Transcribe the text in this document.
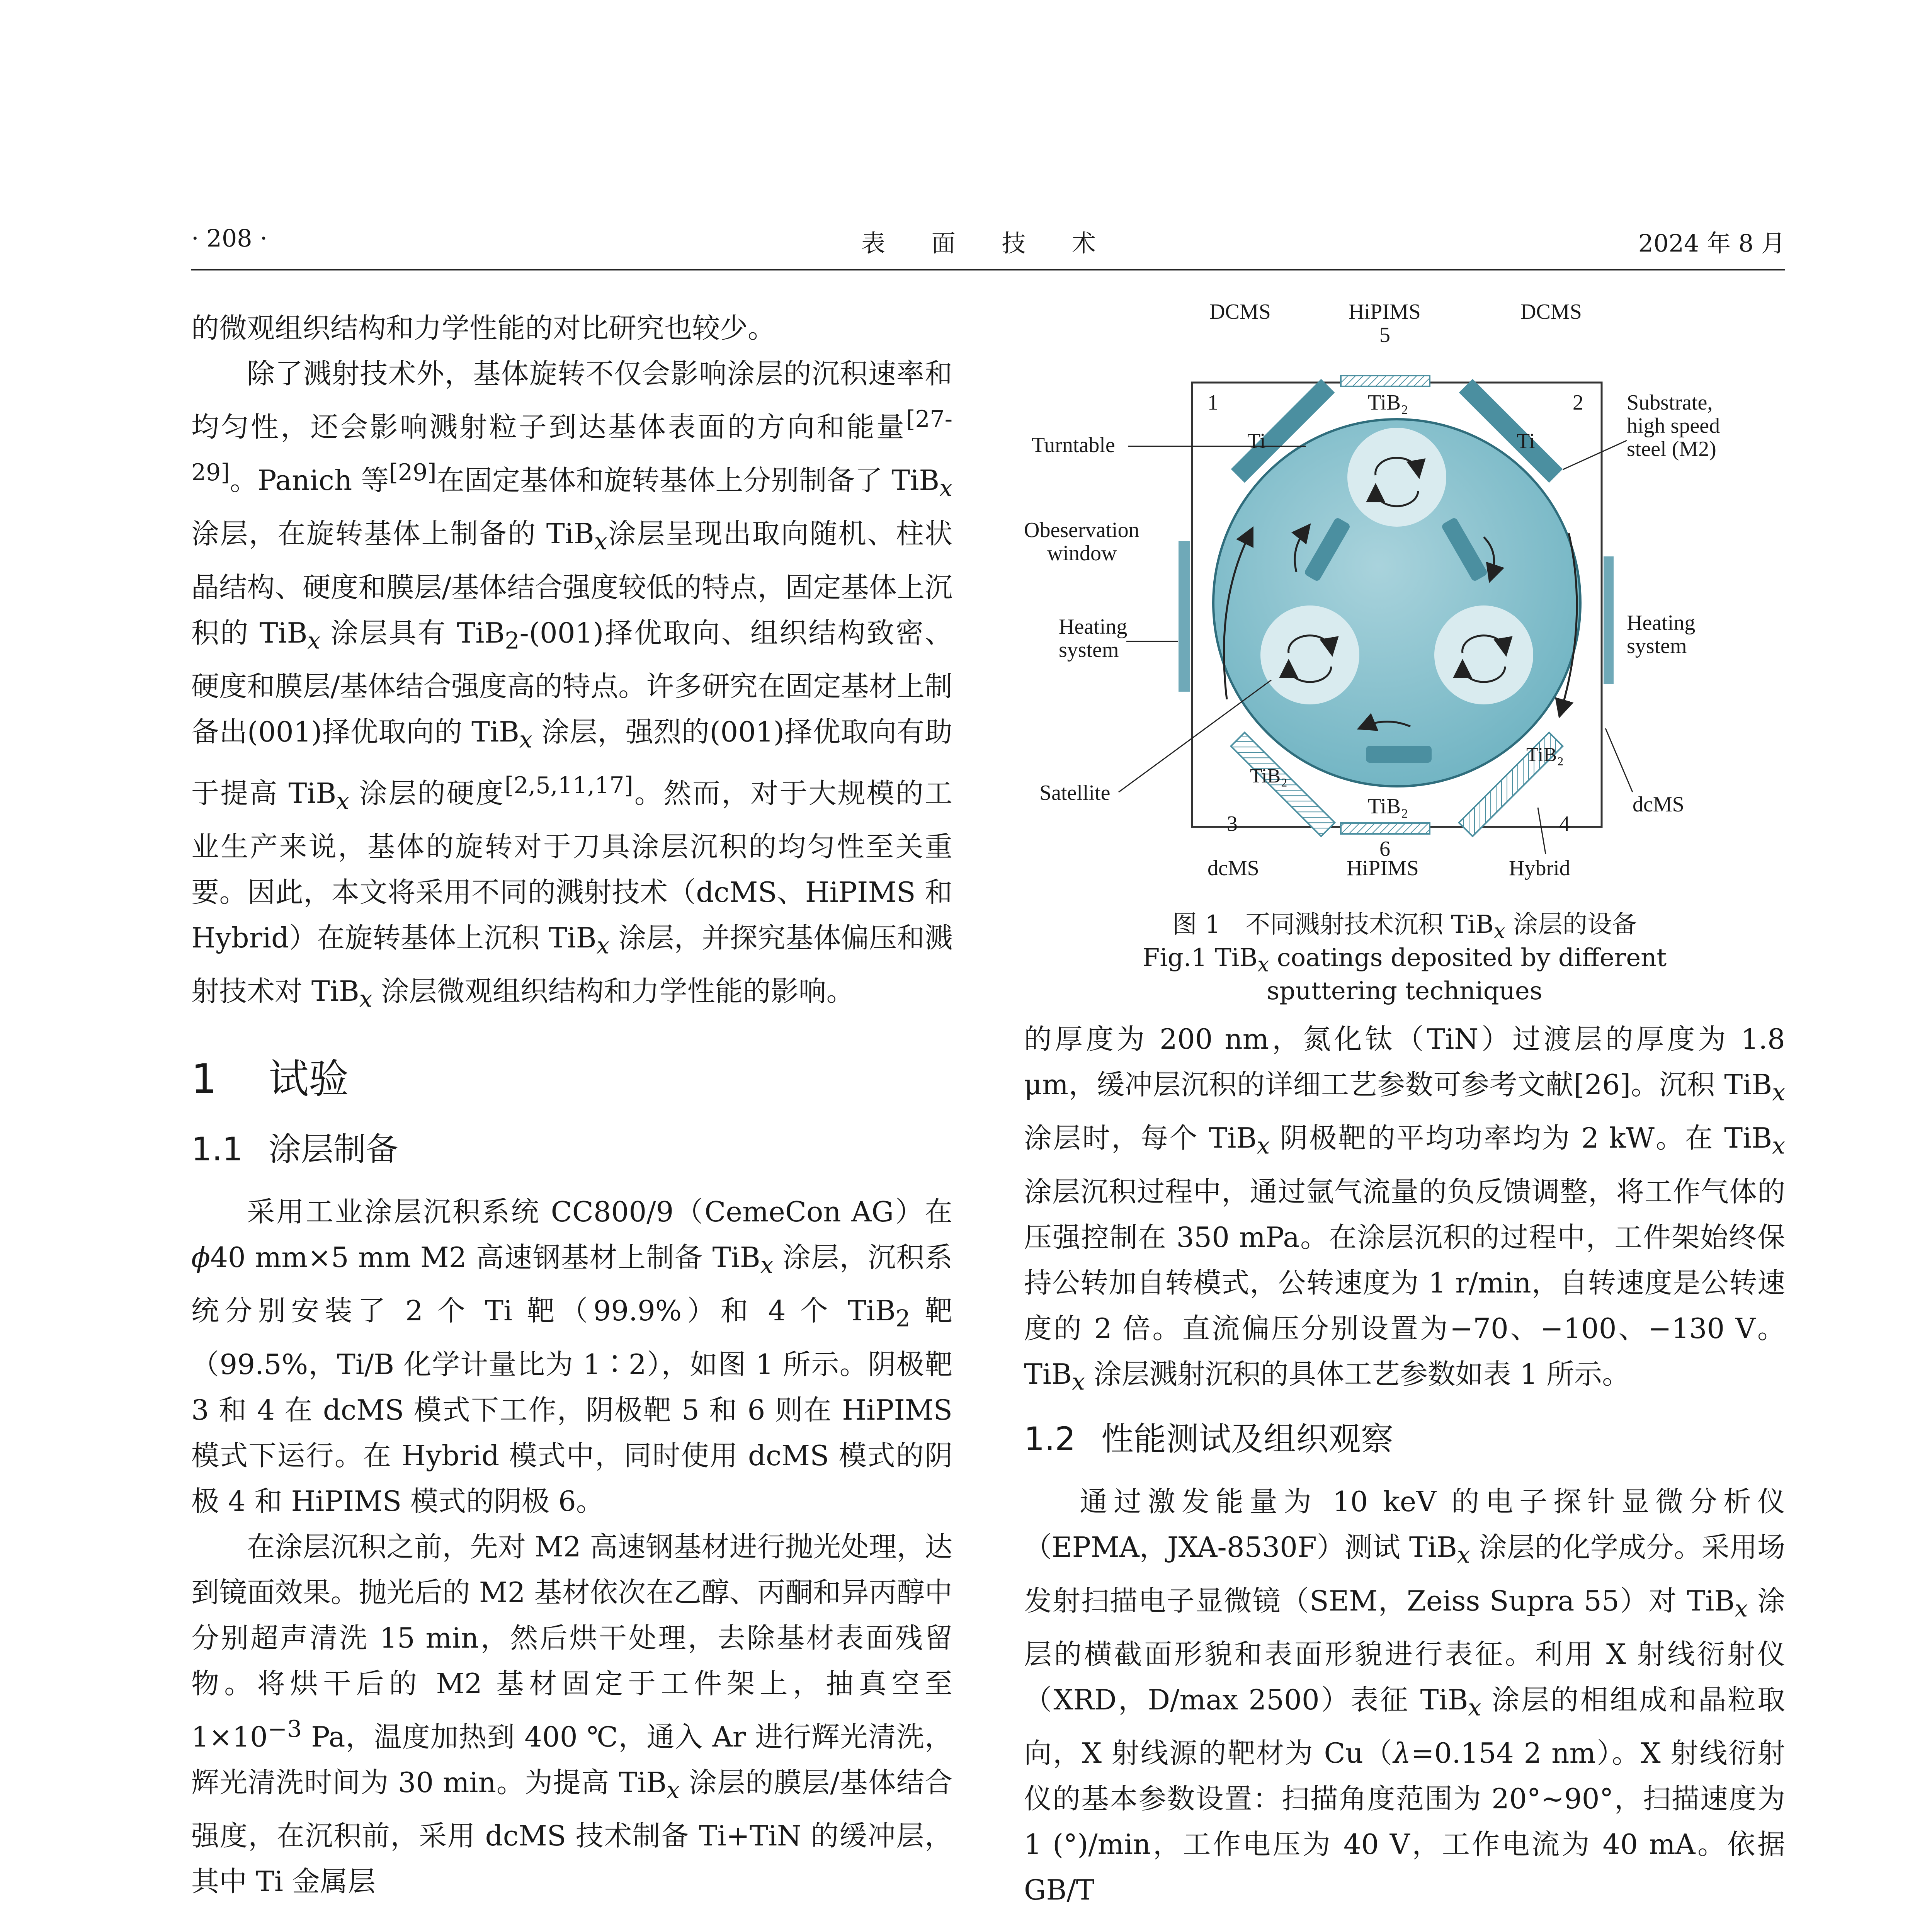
· 208 ·	表 面 技 术	2024 年 8 月

的微观组织结构和力学性能的对比研究也较少。

除了溅射技术外，基体旋转不仅会影响涂层的沉积速率和均匀性，还会影响溅射粒子到达基体表面的方向和能量[27-29]。Panich 等[29]在固定基体和旋转基体上分别制备了 TiB$_x$ 涂层，在旋转基体上制备的 TiB$_x$涂层呈现出取向随机、柱状晶结构、硬度和膜层/基体结合强度较低的特点，固定基体上沉积的 TiB$_x$ 涂层具有 TiB$_2$-(001)择优取向、组织结构致密、硬度和膜层/基体结合强度高的特点。许多研究在固定基材上制备出(001)择优取向的 TiB$_x$ 涂层，强烈的(001)择优取向有助于提高 TiB$_x$ 涂层的硬度[2,5,11,17]。然而，对于大规模的工业生产来说，基体的旋转对于刀具涂层沉积的均匀性至关重要。因此，本文将采用不同的溅射技术（dcMS、HiPIMS 和 Hybrid）在旋转基体上沉积 TiB$_x$ 涂层，并探究基体偏压和溅射技术对 TiB$_x$ 涂层微观组织结构和力学性能的影响。

1 试验
1.1 涂层制备

采用工业涂层沉积系统 CC800/9（CemeCon AG）在 ϕ40 mm×5 mm M2 高速钢基材上制备 TiB$_x$ 涂层，沉积系统分别安装了 2 个 Ti 靶（99.9%）和 4 个 TiB$_2$ 靶（99.5%，Ti/B 化学计量比为 1∶2），如图 1 所示。阴极靶 3 和 4 在 dcMS 模式下工作，阴极靶 5 和 6 则在 HiPIMS 模式下运行。在 Hybrid 模式中，同时使用 dcMS 模式的阴极 4 和 HiPIMS 模式的阴极 6。

在涂层沉积之前，先对 M2 高速钢基材进行抛光处理，达到镜面效果。抛光后的 M2 基材依次在乙醇、丙酮和异丙醇中分别超声清洗 15 min，然后烘干处理，去除基材表面残留物。将烘干后的 M2 基材固定于工件架上，抽真空至 $1\times 10^{-3}$ Pa，温度加热到 400 ℃，通入 Ar 进行辉光清洗，辉光清洗时间为 30 min。为提高 TiB$_x$ 涂层的膜层/基体结合强度，在沉积前，采用 dcMS 技术制备 Ti+TiN 的缓冲层，其中 Ti 金属层

DCMS	HiPIMS	DCMS
5
TiB₂
1
Ti
2
Ti
Substrate,
high speed
steel (M2)
Turntable
Obeservation
window
Heating
system
Heating
system
Satellite
TiB₂
3
TiB₂
4
dcMS
TiB₂
6
dcMS	HiPIMS	Hybrid
图 1　不同溅射技术沉积 TiB$_x$ 涂层的设备
Fig.1 TiB$_x$ coatings deposited by different
sputtering techniques

的厚度为 200 nm，氮化钛（TiN）过渡层的厚度为 1.8 μm，缓冲层沉积的详细工艺参数可参考文献[26]。沉积 TiB$_x$ 涂层时，每个 TiB$_x$ 阴极靶的平均功率均为 2 kW。在 TiB$_x$ 涂层沉积过程中，通过氩气流量的负反馈调整，将工作气体的压强控制在 350 mPa。在涂层沉积的过程中，工件架始终保持公转加自转模式，公转速度为 1 r/min，自转速度是公转速度的 2 倍。直流偏压分别设置为−70、−100、−130 V。TiB$_x$ 涂层溅射沉积的具体工艺参数如表 1 所示。

1.2 性能测试及组织观察

通过激发能量为 10 keV 的电子探针显微分析仪（EPMA，JXA-8530F）测试 TiB$_x$ 涂层的化学成分。采用场发射扫描电子显微镜（SEM，Zeiss Supra 55）对 TiB$_x$ 涂层的横截面形貌和表面形貌进行表征。利用 X 射线衍射仪（XRD，D/max 2500）表征 TiB$_x$ 涂层的相组成和晶粒取向，X 射线源的靶材为 Cu（λ=0.154 2 nm）。X 射线衍射仪的基本参数设置：扫描角度范围为 20°~90°，扫描速度为 1 (°)/min，工作电压为 40 V，工作电流为 40 mA。依据 GB/T
